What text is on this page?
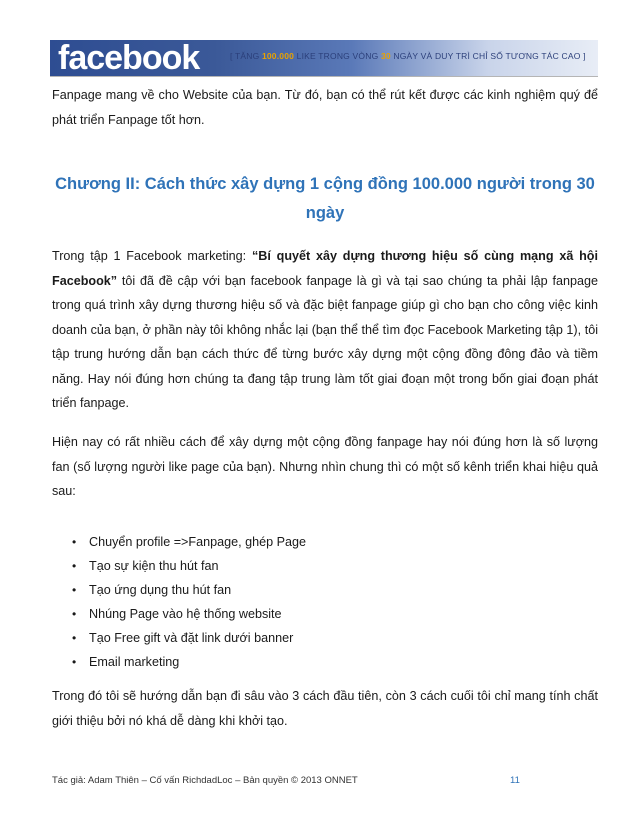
facebook	[ TĂNG 100.000 LIKE TRONG VÒNG 30 NGÀY VÀ DUY TRÌ CHỈ SỐ TƯƠNG TÁC CAO ]

Fanpage mang về cho Website của bạn. Từ đó, bạn có thể rút kết được các kinh nghiệm quý để phát triển Fanpage tốt hơn.

Chương II: Cách thức xây dựng 1 cộng đồng 100.000 người trong 30 ngày

Trong tập 1 Facebook marketing: “Bí quyết xây dựng thương hiệu số cùng mạng xã hội Facebook” tôi đã đề cập với bạn facebook fanpage là gì và tại sao chúng ta phải lập fanpage trong quá trình xây dựng thương hiệu số và đặc biệt fanpage giúp gì cho bạn cho công việc kinh doanh của bạn, ở phần này tôi không nhắc lại (bạn thể thể tìm đọc Facebook Marketing tập 1), tôi tập trung hướng dẫn bạn cách thức để từng bước xây dựng một cộng đồng đông đảo và tiềm năng. Hay nói đúng hơn chúng ta đang tập trung làm tốt giai đoạn một trong bốn giai đoạn phát triển fanpage.

Hiện nay có rất nhiều cách để xây dựng một cộng đồng fanpage hay nói đúng hơn là số lượng fan (số lượng người like page của bạn). Nhưng nhìn chung thì có một số kênh triển khai hiệu quả sau:

• Chuyển profile =>Fanpage, ghép Page
• Tạo sự kiện thu hút fan
• Tạo ứng dụng thu hút fan
• Nhúng Page vào hệ thống website
• Tạo Free gift và đặt link dưới banner
• Email marketing

Trong đó tôi sẽ hướng dẫn bạn đi sâu vào 3 cách đầu tiên, còn 3 cách cuối tôi chỉ mang tính chất giới thiệu bởi nó khá dễ dàng khi khởi tạo.

Tác giả: Adam Thiên – Cố vấn RichdadLoc – Bản quyền © 2013 ONNET	11
